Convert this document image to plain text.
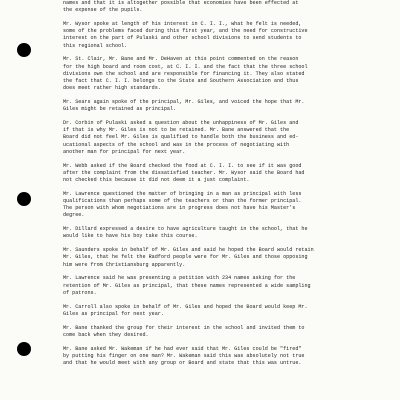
names and that it is altogether possible that economies have been effected at
the expense of the pupils.
Mr. Wysor spoke at length of his interest in C. I. I., what he felt is needed,
some of the problems faced during this first year, and the need for constructive
interest on the part of Pulaski and other school divisions to send students to
this regional school.
Mr. St. Clair, Mr. Bane and Mr. DeHaven at this point commented on the reason
for the high board and room cost, at C. I. I. and the fact that the three school
divisions own the school and are responsible for financing it. They also stated
the fact that C. I. I. belongs to the State and Southern Association and thus
does meet rather high standards.
Mr. Sears again spoke of the principal, Mr. Giles, and voiced the hope that Mr.
Giles might be retained as principal.
Dr. Corbin of Pulaski asked a question about the unhappiness of Mr. Giles and
if that is why Mr. Giles is not to be retained. Mr. Bane answered that the
Board did not feel Mr. Giles is qualified to handle both the business and ed-
ucational aspects of the school and was in the process of negotiating with
another man for principal for next year.
Mr. Webb asked if the Board checked the food at C. I. I. to see if it was good
after the complaint from the dissatisfied teacher. Mr. Wysor said the Board had
not checked this because it did not deem it a just complaint.
Mr. Lawrence questioned the matter of bringing in a man as principal with less
qualifications than perhaps some of the teachers or than the former principal.
The person with whom negotiations are in progress does not have his Master's
degree.
Mr. Dillard expressed a desire to have agriculture taught in the school, that he
would like to have his boy take this course.
Mr. Saunders spoke in behalf of Mr. Giles and said he hoped the Board would retain
Mr. Giles, that he felt the Radford people were for Mr. Giles and those opposing
him were from Christiansburg apparently.
Mr. Lawrence said he was presenting a petition with 234 names asking for the
retention of Mr. Giles as principal, that these names represented a wide sampling
of patrons.
Mr. Carroll also spoke in behalf of Mr. Giles and hoped the Board would keep Mr.
Giles as principal for next year.
Mr. Bane thanked the group for their interest in the school and invited them to
come back when they desired.
Mr. Bane asked Mr. Wakeman if he had ever said that Mr. Giles could be "fired"
by putting his finger on one man? Mr. Wakeman said this was absolutely not true
and that he would meet with any group or Board and state that this was untrue.
